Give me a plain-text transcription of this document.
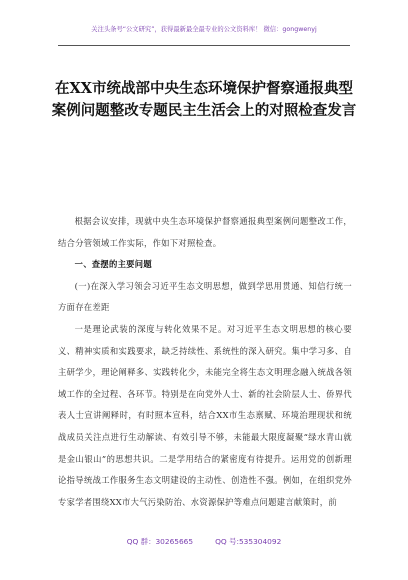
关注头条号“公文研究”，获得最新最全最专业的公文资料库！ 微信：gongwenyj
在XX市统战部中央生态环境保护督察通报典型案例问题整改专题民主生活会上的对照检查发言

根据会议安排，现就中央生态环境保护督察通报典型案例问题整改工作，结合分管领域工作实际，作如下对照检查。

一、查摆的主要问题

(一)在深入学习领会习近平生态文明思想，做到学思用贯通、知信行统一方面存在差距

一是理论武装的深度与转化效果不足。对习近平生态文明思想的核心要义、精神实质和实践要求，缺乏持续性、系统性的深入研究。集中学习多、自主研学少，理论阐释多、实践转化少，未能完全将生态文明理念融入统战各领域工作的全过程、各环节。特别是在向党外人士、新的社会阶层人士、侨界代表人士宣讲阐释时，有时照本宣科，结合XX市生态禀赋、环境治理现状和统战成员关注点进行生动解读、有效引导不够，未能最大限度凝聚“绿水青山就是金山银山”的思想共识。二是学用结合的紧密度有待提升。运用党的创新理论指导统战工作服务生态文明建设的主动性、创造性不强。例如，在组织党外专家学者围绕XX市大气污染防治、水资源保护等难点问题建言献策时，前

QQ 群：30265665	QQ 号:535304092
